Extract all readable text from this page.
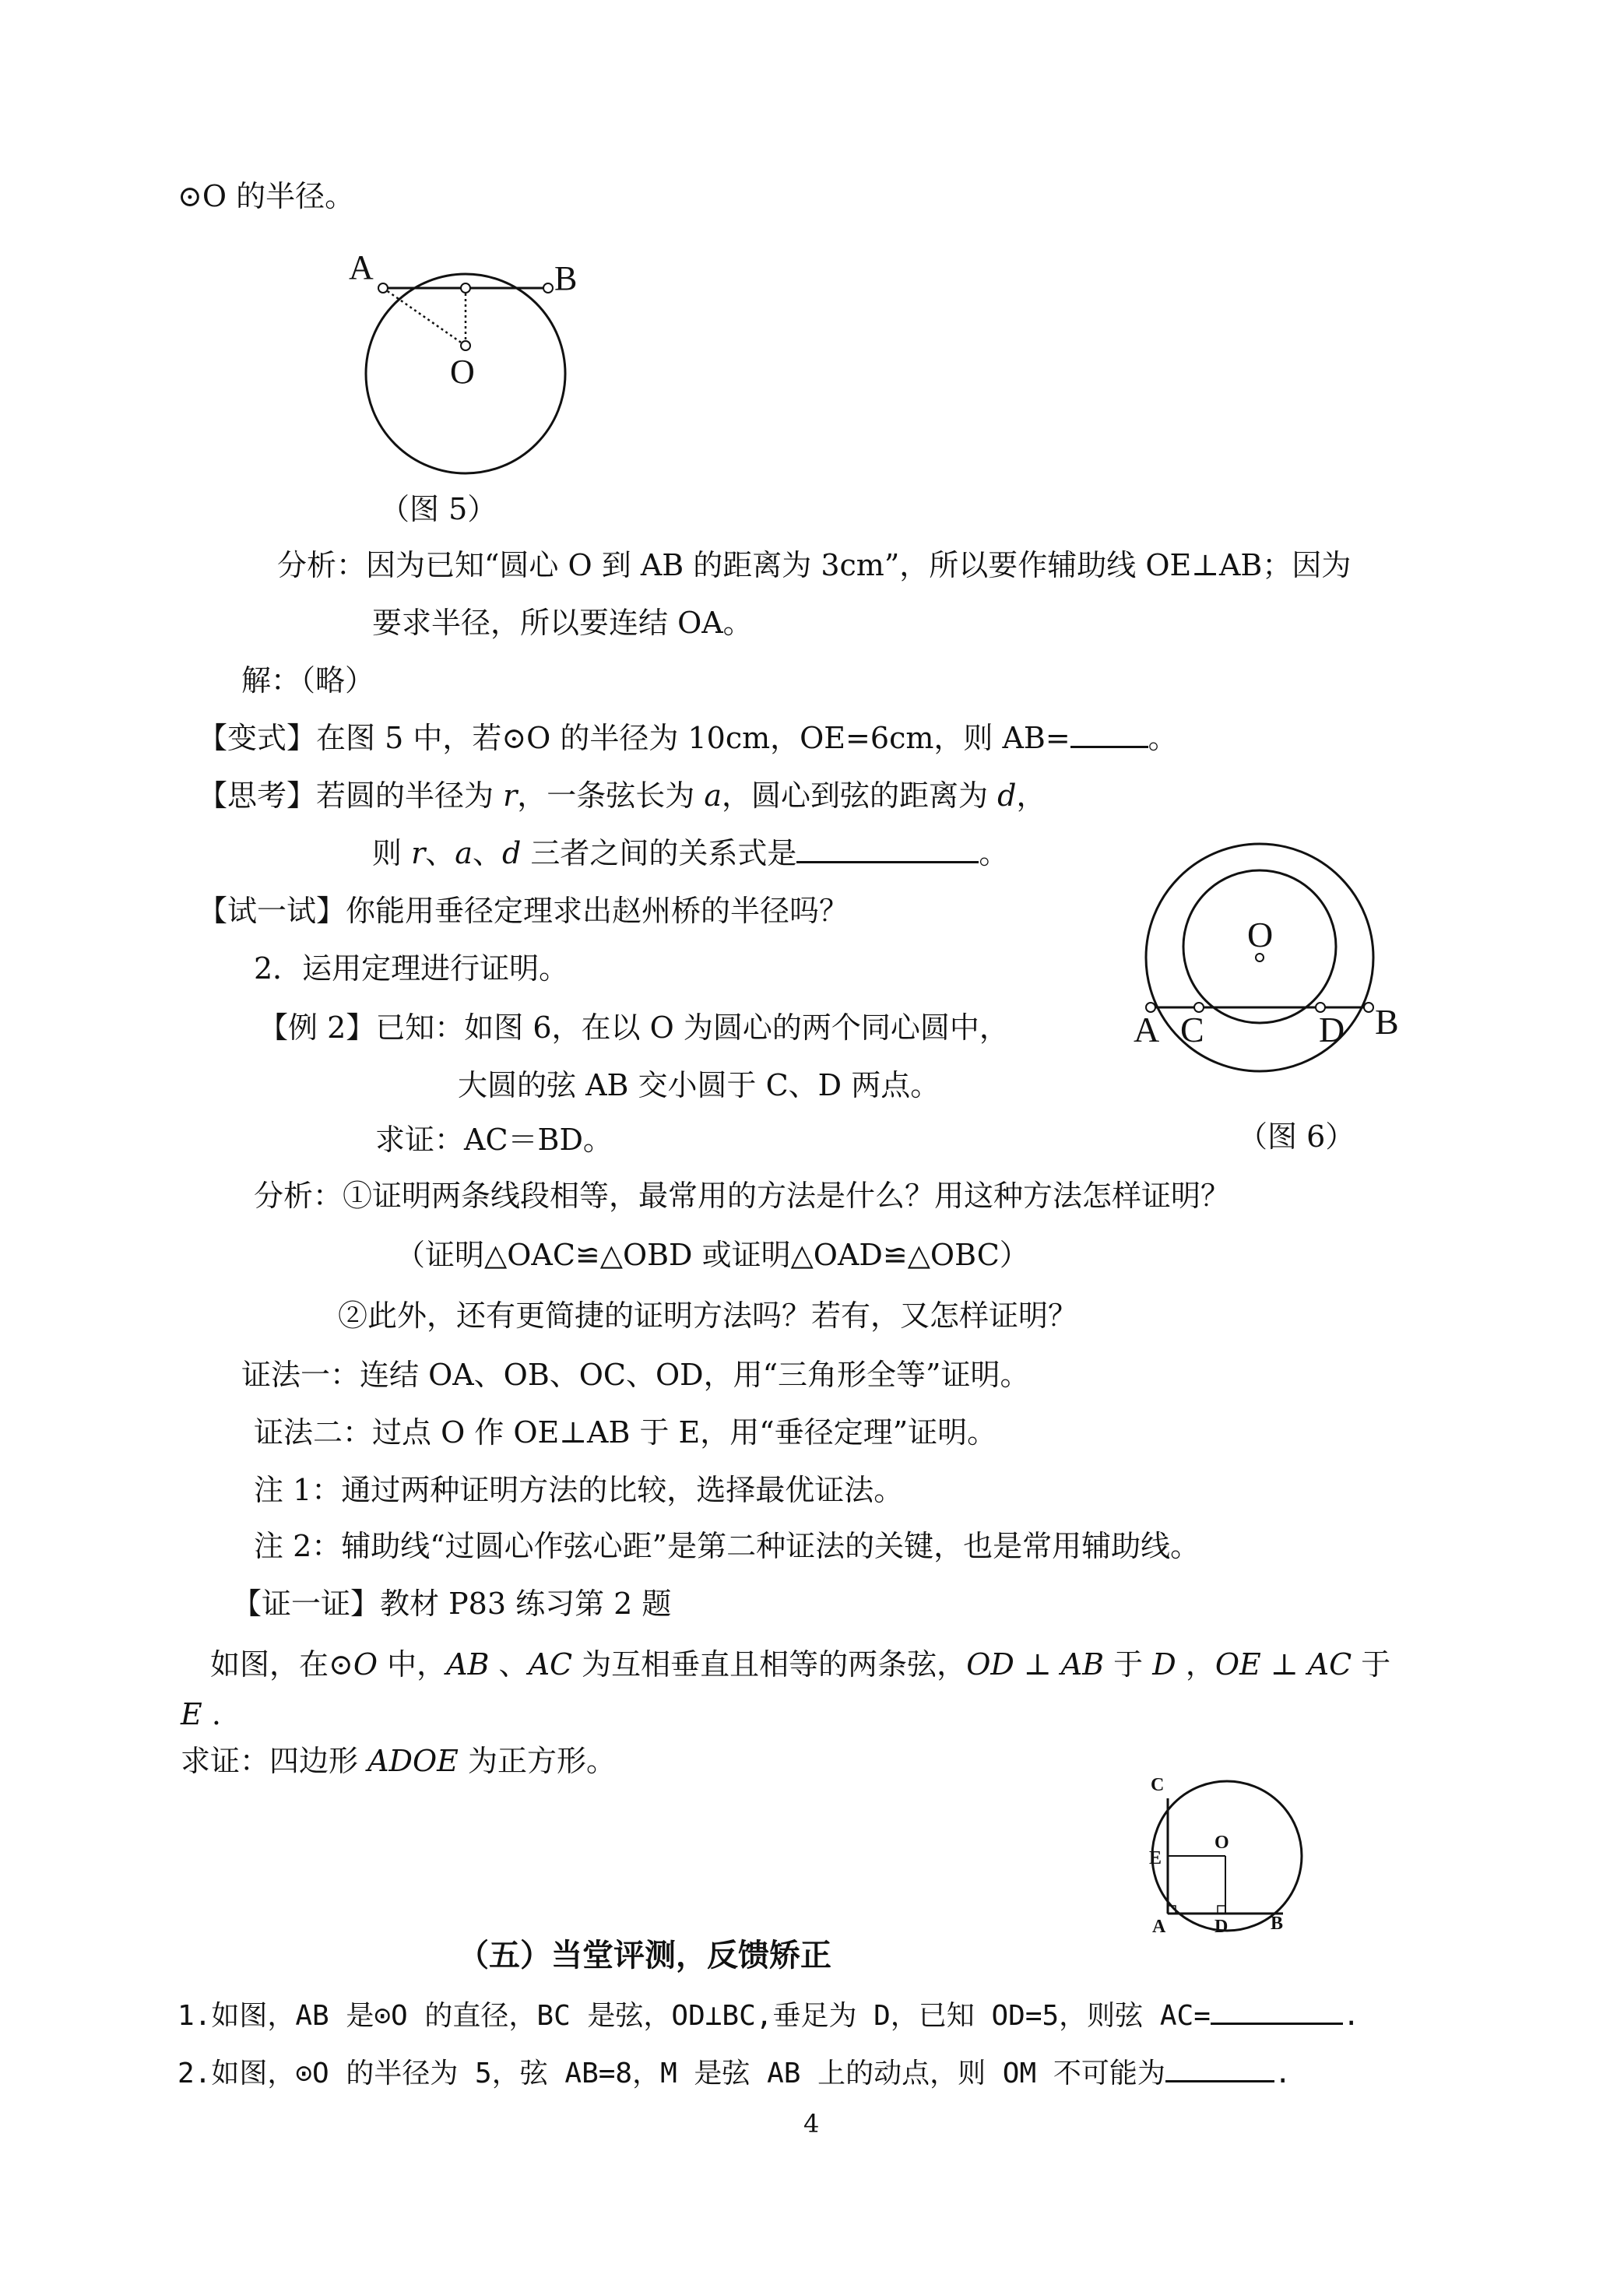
⊙O 的半径。
A	B
O
（图 5）
分析：因为已知“圆心 O 到 AB 的距离为 3cm”，所以要作辅助线 OE⊥AB；因为
要求半径，所以要连结 OA。
解：（略）
【变式】在图 5 中，若⊙O 的半径为 10cm，OE=6cm，则 AB=	。
【思考】若圆的半径为 r，一条弦长为 a，圆心到弦的距离为 d，
则 r、a、d 三者之间的关系式是	。
【试一试】你能用垂径定理求出赵州桥的半径吗？
2．运用定理进行证明。
【例 2】已知：如图 6，在以 O 为圆心的两个同心圆中，
大圆的弦 AB 交小圆于 C、D 两点。
求证：AC＝BD。
O
A C	D B
（图 6）
分析：①证明两条线段相等，最常用的方法是什么？用这种方法怎样证明？
（证明△OAC≌△OBD 或证明△OAD≌△OBC）
②此外，还有更简捷的证明方法吗？若有，又怎样证明？
证法一：连结 OA、OB、OC、OD，用“三角形全等”证明。
证法二：过点 O 作 OE⊥AB 于 E，用“垂径定理”证明。
注 1：通过两种证明方法的比较，选择最优证法。
注 2：辅助线“过圆心作弦心距”是第二种证法的关键，也是常用辅助线。
【证一证】教材 P83 练习第 2 题
如图，在⊙O 中，AB 、AC 为互相垂直且相等的两条弦，OD ⊥ AB 于 D ，OE ⊥ AC 于
E .
求证：四边形 ADOE 为正方形。
C
O
E
A	D B
（五）当堂评测，反馈矫正
1.如图，AB 是⊙O 的直径，BC 是弦，OD⊥BC,垂足为 D，已知 OD=5，则弦 AC=	.
2.如图，⊙O 的半径为 5，弦 AB=8，M 是弦 AB 上的动点，则 OM 不可能为	.
4
